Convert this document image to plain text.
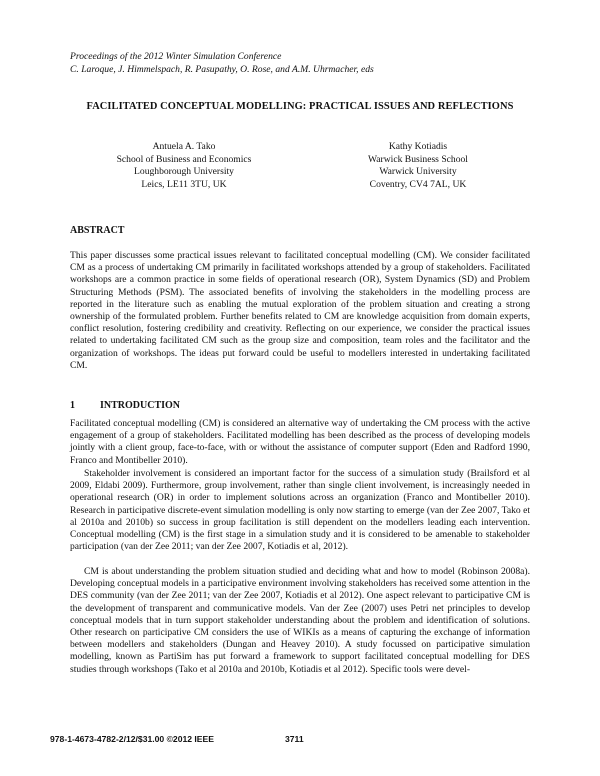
Proceedings of the 2012 Winter Simulation Conference
C. Laroque, J. Himmelspach, R. Pasupathy, O. Rose, and A.M. Uhrmacher, eds
FACILITATED CONCEPTUAL MODELLING: PRACTICAL ISSUES AND REFLECTIONS
Antuela A. Tako
School of Business and Economics
Loughborough University
Leics, LE11 3TU, UK
Kathy Kotiadis
Warwick Business School
Warwick University
Coventry, CV4 7AL, UK
ABSTRACT

This paper discusses some practical issues relevant to facilitated conceptual modelling (CM). We consider facilitated CM as a process of undertaking CM primarily in facilitated workshops attended by a group of stakeholders. Facilitated workshops are a common practice in some fields of operational research (OR), System Dynamics (SD) and Problem Structuring Methods (PSM). The associated benefits of involving the stakeholders in the modelling process are reported in the literature such as enabling the mutual exploration of the problem situation and creating a strong ownership of the formulated problem. Further benefits related to CM are knowledge acquisition from domain experts, conflict resolution, fostering credibility and creativity. Reflecting on our experience, we consider the practical issues related to undertaking facilitated CM such as the group size and composition, team roles and the facilitator and the organization of workshops. The ideas put forward could be useful to modellers interested in undertaking facilitated CM.

1	INTRODUCTION

Facilitated conceptual modelling (CM) is considered an alternative way of undertaking the CM process with the active engagement of a group of stakeholders. Facilitated modelling has been described as the process of developing models jointly with a client group, face-to-face, with or without the assistance of computer support (Eden and Radford 1990, Franco and Montibeller 2010).

Stakeholder involvement is considered an important factor for the success of a simulation study (Brailsford et al 2009, Eldabi 2009). Furthermore, group involvement, rather than single client involvement, is increasingly needed in operational research (OR) in order to implement solutions across an organization (Franco and Montibeller 2010). Research in participative discrete-event simulation modelling is only now starting to emerge (van der Zee 2007, Tako et al 2010a and 2010b) so success in group facilitation is still dependent on the modellers leading each intervention. Conceptual modelling (CM) is the first stage in a simulation study and it is considered to be amenable to stakeholder participation (van der Zee 2011; van der Zee 2007, Kotiadis et al, 2012).

CM is about understanding the problem situation studied and deciding what and how to model (Robinson 2008a). Developing conceptual models in a participative environment involving stakeholders has received some attention in the DES community (van der Zee 2011; van der Zee 2007, Kotiadis et al 2012). One aspect relevant to participative CM is the development of transparent and communicative models. Van der Zee (2007) uses Petri net principles to develop conceptual models that in turn support stakeholder understanding about the problem and identification of solutions. Other research on participative CM considers the use of WIKIs as a means of capturing the exchange of information between modellers and stakeholders (Dungan and Heavey 2010). A study focussed on participative simulation modelling, known as PartiSim has put forward a framework to support facilitated conceptual modelling for DES studies through workshops (Tako et al 2010a and 2010b, Kotiadis et al 2012). Specific tools were devel-

978-1-4673-4782-2/12/$31.00 ©2012 IEEE	3711
